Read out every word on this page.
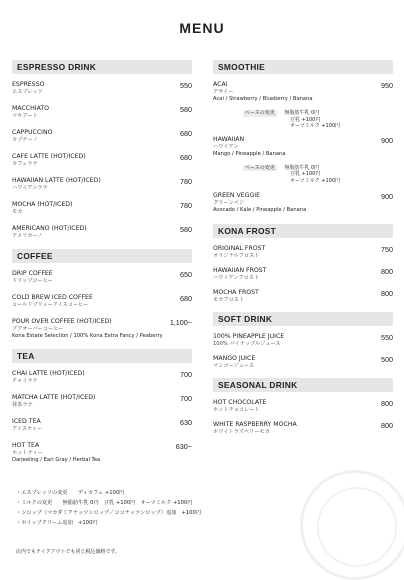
MENU
ESPRESSO DRINK
ESPRESSO
エスプレッソ
550
MACCHIATO
マキアート
580
CAPPUCCINO
カプチーノ
680
CAFE LATTE (HOT/ICED)
カフェラテ
680
HAWAIIAN LATTE (HOT/ICED)
ハワイアンラテ
780
MOCHA (HOT/ICED)
モカ
780
AMERICANO (HOT/ICED)
アメリカーノ
580
COFFEE
DRIP COFFEE
ドリップコーヒー
650
COLD BREW ICED COFFEE
コールドブリューアイスコーヒー
680
POUR OVER COFFEE (HOT/ICED)
プアオーバーコーヒー
Kona Estate Selection / 100% Kona Extra Fancy / Peaberry
1,100~
TEA
CHAI LATTE (HOT/ICED)
チャイラテ
700
MATCHA LATTE (HOT/ICED)
抹茶ラテ
700
ICED TEA
アイスティー
630
HOT TEA
ホットティー
Darjeeling / Earl Gray / Herbal Tea
630~
SMOOTHIE
ACAI
アサイー
Acai / Strawberry / Blueberry / Banana
950
ベースの変更 無脂肪牛乳 0円
豆乳 +100円
オーツミルク +100円
HAWAIIAN
ハワイアン
Mango / Pineapple / Banana
900
ベースの変更 無脂肪牛乳 0円
豆乳 +100円
オーツミルク +100円
GREEN VEGGIE
グリーンベジ
Avocado / Kale / Pineapple / Banana
900
KONA FROST
ORIGINAL FROST
オリジナルフロスト
750
HAWAIIAN FROST
ハワイアンフロスト
800
MOCHA FROST
モカフロスト
800
SOFT DRINK
100% PINEAPPLE JUICE
100% パイナップルジュース
550
MANGO JUICE
マンゴージュース
500
SEASONAL DRINK
HOT CHOCOLATE
ホットチョコレート
800
WHITE RASPBERRY MOCHA
ホワイトラズベリーモカ
800
・エスプレッソの変更　　ディカフェ +100円
・ミルクの変更　　無脂肪牛乳 0円　豆乳 +100円　オーツミルク +100円
・シロップ（マカダミアナッツシロップ／ココナッツシロップ）追加　+100円
・ホイップクリーム追加　+100円
店内でもテイクアウトでも同じ税込価格です。
